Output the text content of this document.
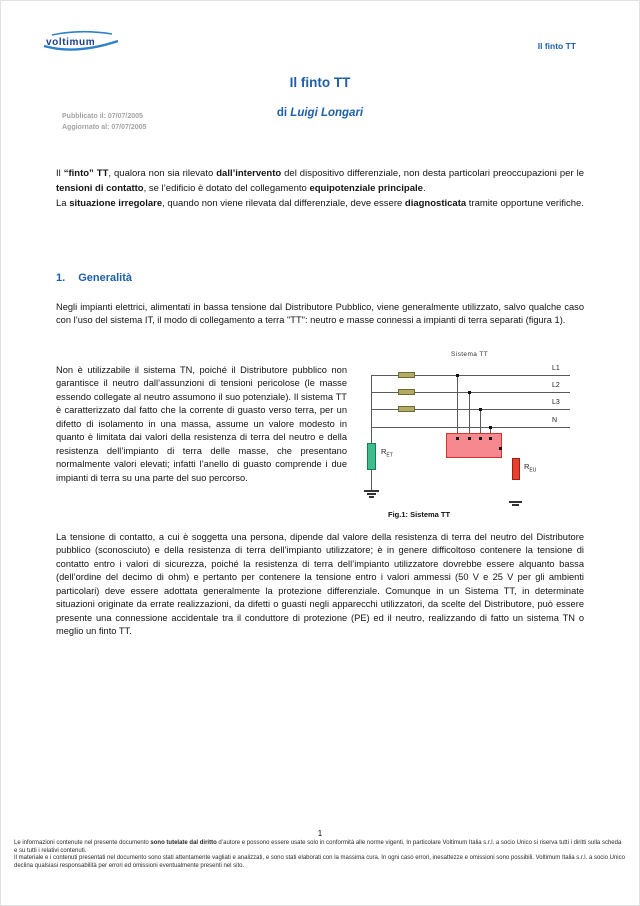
voltimum	Il finto TT
Il finto TT
di Luigi Longari
Pubblicato il: 07/07/2005
Aggiornato al: 07/07/2005
Il “finto” TT, qualora non sia rilevato dall’intervento del dispositivo differenziale, non desta particolari preoccupazioni per le tensioni di contatto, se l’edificio è dotato del collegamento equipotenziale principale.
La situazione irregolare, quando non viene rilevata dal differenziale, deve essere diagnosticata tramite opportune verifiche.
1. Generalità
Negli impianti elettrici, alimentati in bassa tensione dal Distributore Pubblico, viene generalmente utilizzato, salvo qualche caso con l’uso del sistema IT, il modo di collegamento a terra "TT": neutro e masse connessi a impianti di terra separati (figura 1).
Non è utilizzabile il sistema TN, poiché il Distributore pubblico non garantisce il neutro dall’assunzioni di tensioni pericolose (le masse essendo collegate al neutro assumono il suo potenziale). Il sistema TT è caratterizzato dal fatto che la corrente di guasto verso terra, per un difetto di isolamento in una massa, assume un valore modesto in quanto è limitata dai valori della resistenza di terra del neutro e della resistenza dell’impianto di terra delle masse, che presentano normalmente valori elevati; infatti l’anello di guasto comprende i due impianti di terra su una parte del suo percorso.
La tensione di contatto, a cui è soggetta una persona, dipende dal valore della resistenza di terra del neutro del Distributore pubblico (sconosciuto) e della resistenza di terra dell’impianto utilizzatore; è in genere difficoltoso contenere la tensione di contatto entro i valori di sicurezza, poiché la resistenza di terra dell’impianto utilizzatore dovrebbe essere alquanto bassa (dell’ordine del decimo di ohm) e pertanto per contenere la tensione entro i valori ammessi (50 V e 25 V per gli ambienti particolari) deve essere adottata generalmente la protezione differenziale. Comunque in un Sistema TT, in determinate situazioni originate da errate realizzazioni, da difetti o guasti negli apparecchi utilizzatori, da scelte del Distributore, può essere presente una connessione accidentale tra il conduttore di protezione (PE) ed il neutro, realizzando di fatto un sistema TN o meglio un finto TT.
Sistema TT
L1
L2
L3
N
$R_{ET}$
$R_{EU}$
Fig.1: Sistema TT
1
Le informazioni contenute nel presente documento sono tutelate dal diritto d’autore e possono essere usate solo in conformità alle norme vigenti. In particolare Voltimum Italia s.r.l. a socio Unico si riserva tutti i diritti sulla scheda e su tutti i relativi contenuti.
Il materiale e i contenuti presentati nel documento sono stati attentamente vagliati e analizzati, e sono stati elaborati con la massima cura. In ogni caso errori, inesattezze e omissioni sono possibili. Voltimum Italia s.r.l. a socio Unico declina qualsiasi responsabilità per errori ed omissioni eventualmente presenti nel sito.
